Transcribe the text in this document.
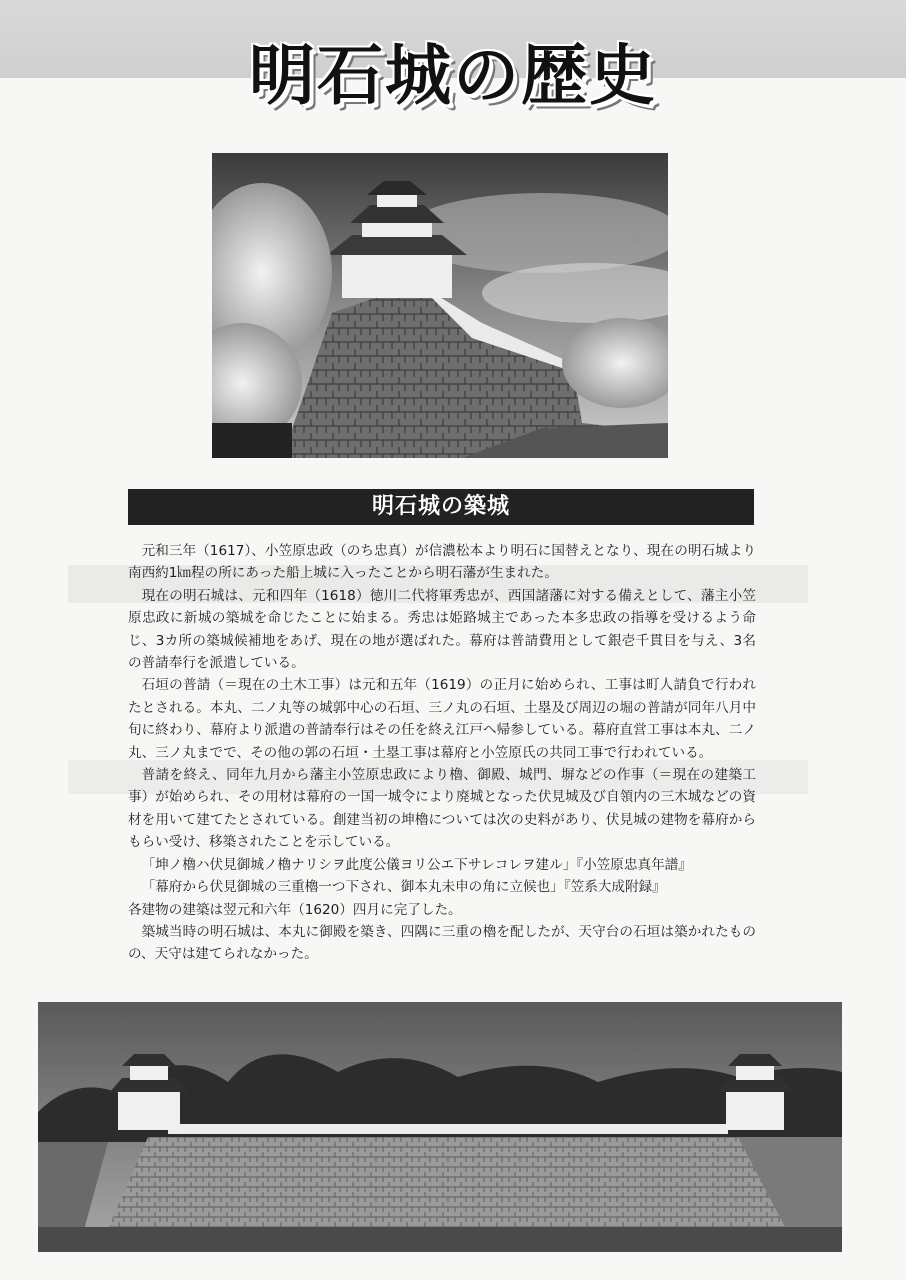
明石城の歴史
明石城の築城

元和三年（1617）、小笠原忠政（のち忠真）が信濃松本より明石に国替えとなり、現在の明石城より南西約1㎞程の所にあった船上城に入ったことから明石藩が生まれた。

現在の明石城は、元和四年（1618）徳川二代将軍秀忠が、西国諸藩に対する備えとして、藩主小笠原忠政に新城の築城を命じたことに始まる。秀忠は姫路城主であった本多忠政の指導を受けるよう命じ、3カ所の築城候補地をあげ、現在の地が選ばれた。幕府は普請費用として銀壱千貫目を与え、3名の普請奉行を派遣している。

石垣の普請（＝現在の土木工事）は元和五年（1619）の正月に始められ、工事は町人請負で行われたとされる。本丸、二ノ丸等の城郭中心の石垣、三ノ丸の石垣、土塁及び周辺の堀の普請が同年八月中旬に終わり、幕府より派遣の普請奉行はその任を終え江戸へ帰参している。幕府直営工事は本丸、二ノ丸、三ノ丸までで、その他の郭の石垣・土塁工事は幕府と小笠原氏の共同工事で行われている。

普請を終え、同年九月から藩主小笠原忠政により櫓、御殿、城門、塀などの作事（＝現在の建築工事）が始められ、その用材は幕府の一国一城令により廃城となった伏見城及び自領内の三木城などの資材を用いて建てたとされている。創建当初の坤櫓については次の史料があり、伏見城の建物を幕府からもらい受け、移築されたことを示している。

「坤ノ櫓ハ伏見御城ノ櫓ナリシヲ此度公儀ヨリ公エ下サレコレヲ建ル」『小笠原忠真年譜』

「幕府から伏見御城の三重櫓一つ下され、御本丸未申の角に立候也」『笠系大成附録』

各建物の建築は翌元和六年（1620）四月に完了した。

築城当時の明石城は、本丸に御殿を築き、四隅に三重の櫓を配したが、天守台の石垣は築かれたものの、天守は建てられなかった。
